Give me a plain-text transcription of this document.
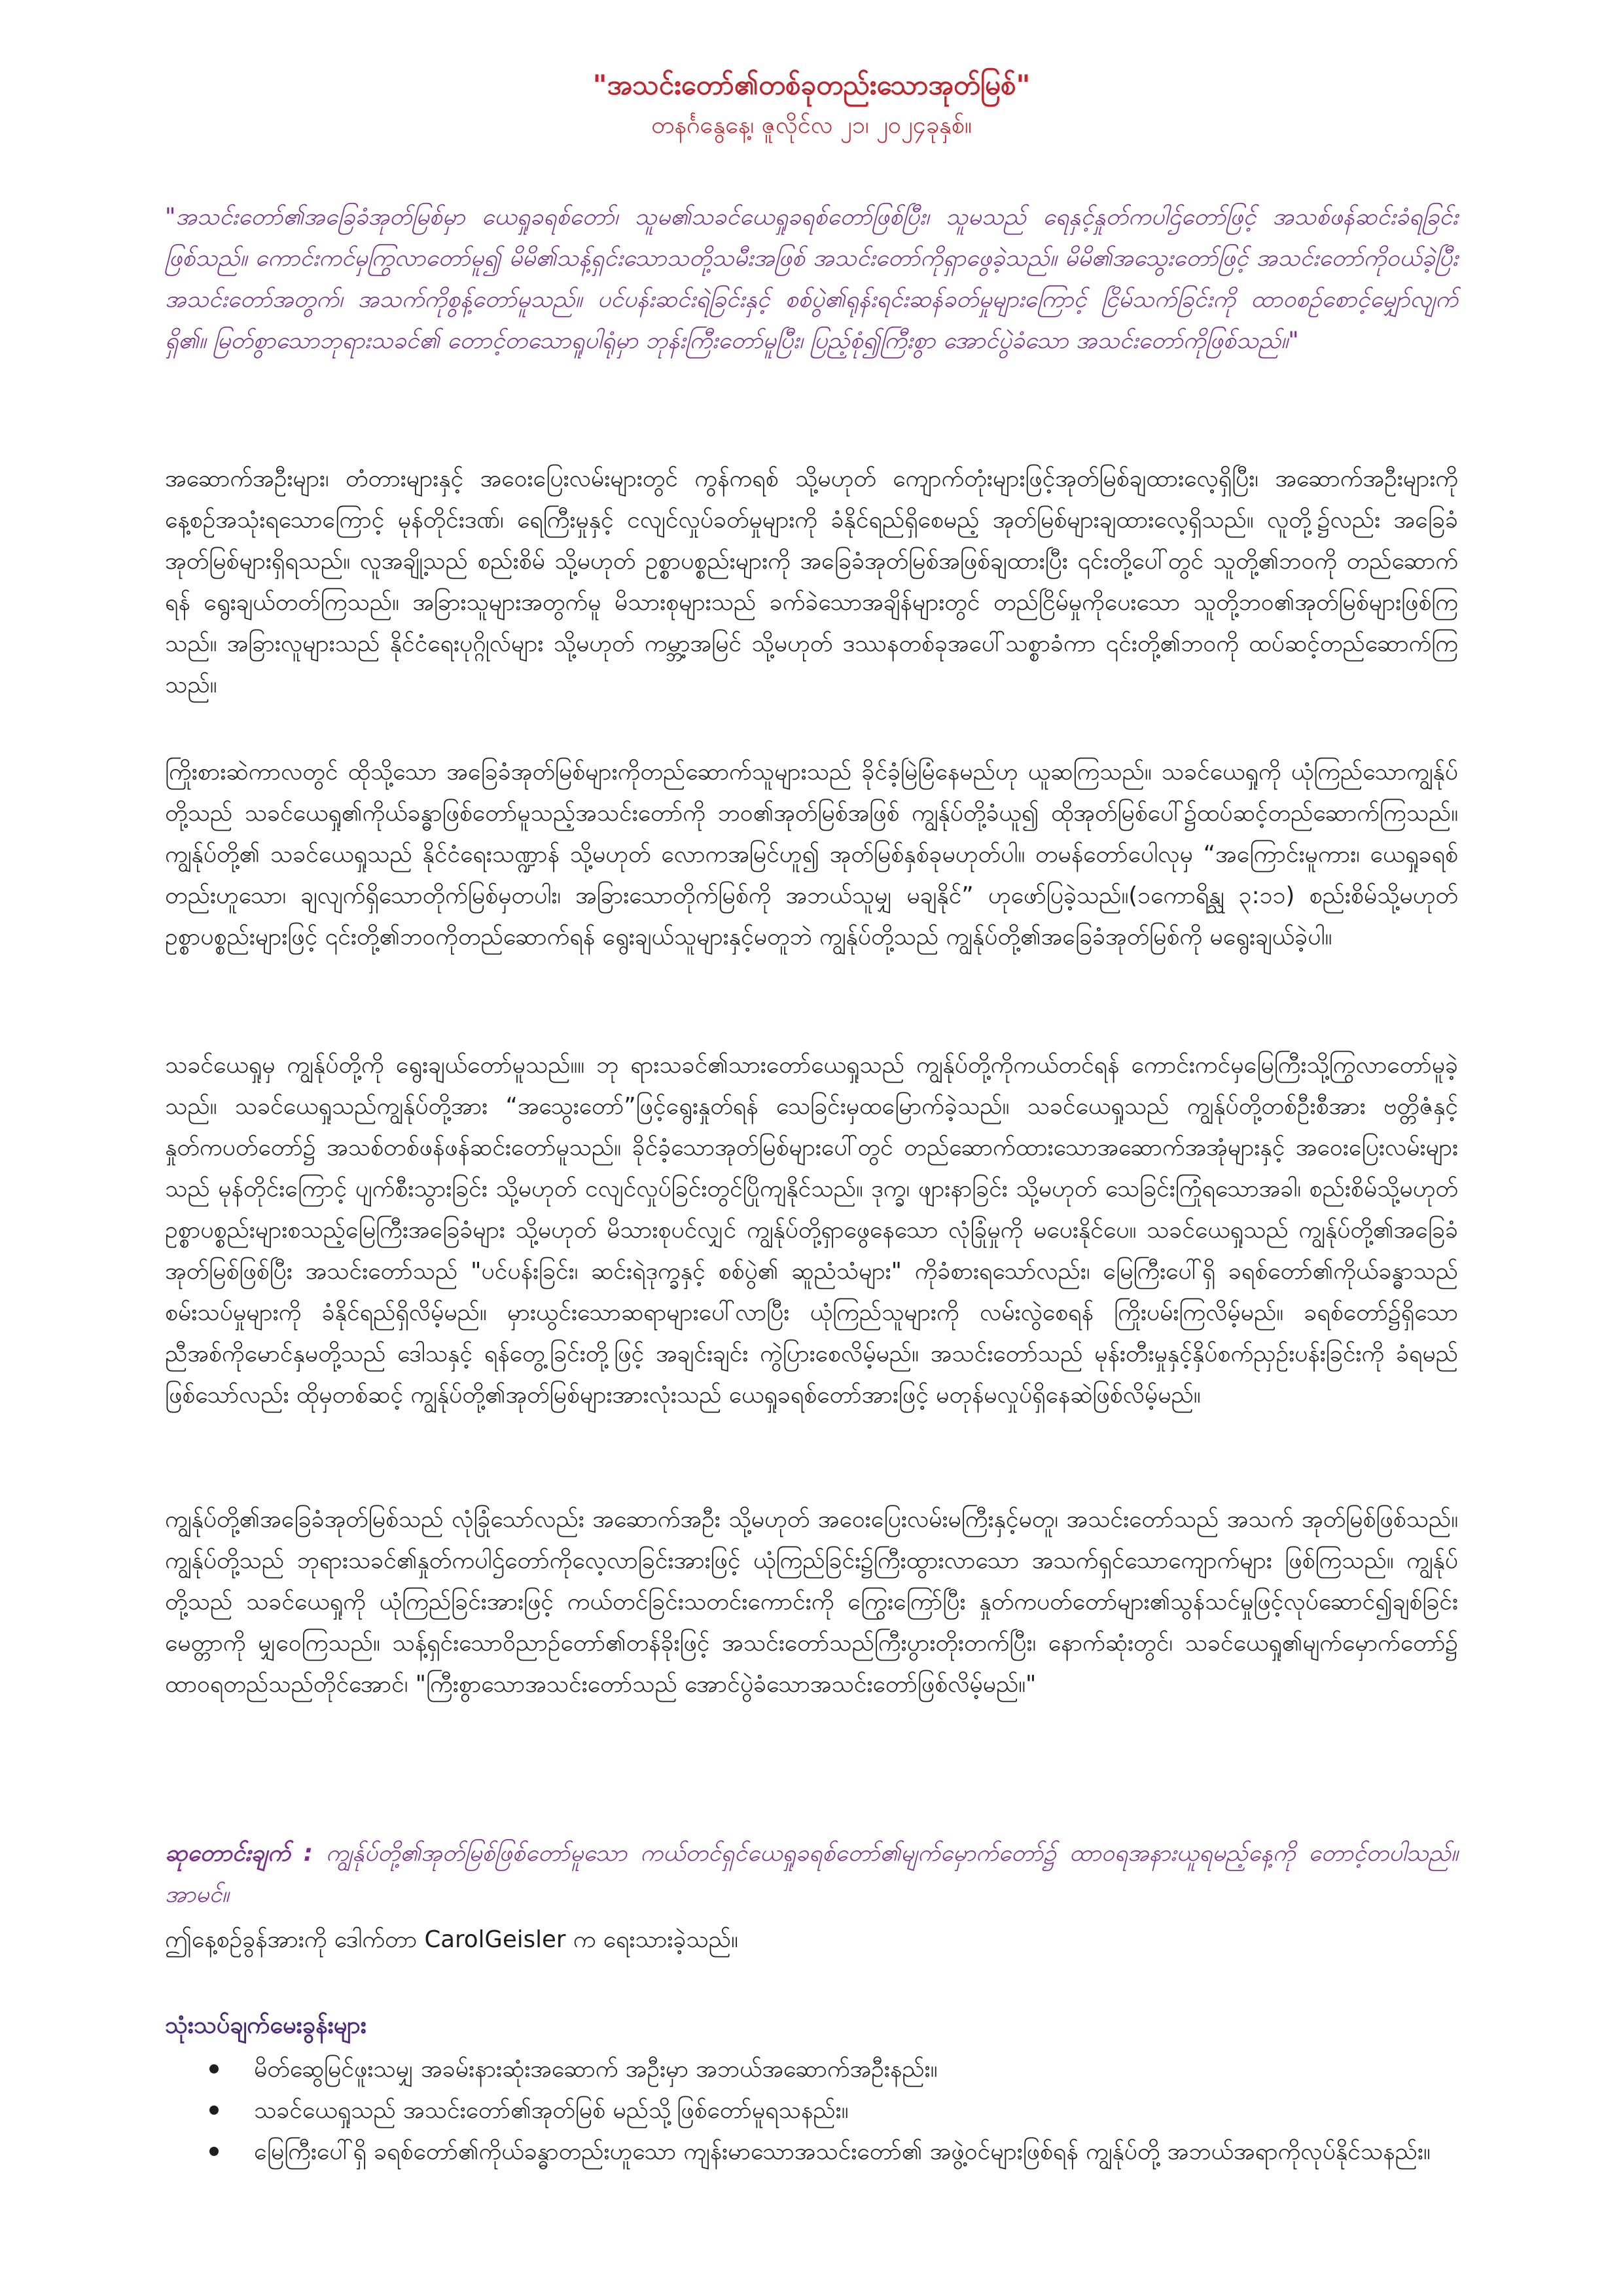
"အသင်းတော်၏တစ်ခုတည်းသောအုတ်မြစ်"

တနင်္ဂနွေနေ့၊ ဇူလိုင်လ ၂၁၊ ၂၀၂၄ခုနှစ်။

"အသင်းတော်၏အခြေခံအုတ်မြစ်မှာ ယေရှုခရစ်တော်၊ သူမ၏သခင်ယေရှုခရစ်တော်ဖြစ်ပြီး၊ သူမသည် ရေနှင့်နှုတ်ကပါဌ်တော်ဖြင့် အသစ်ဖန်ဆင်းခံရခြင်းဖြစ်သည်။ ကောင်းကင်မှကြွလာတော်မူ၍ မိမိ၏သန့်ရှင်းသောသတို့သမီးအဖြစ် အသင်းတော်ကိုရှာဖွေခဲ့သည်။ မိမိ၏အသွေးတော်ဖြင့် အသင်းတော်ကိုဝယ်ခဲ့ပြီး အသင်းတော်အတွက်၊ အသက်ကိုစွန့်တော်မူသည်။ ပင်ပန်းဆင်းရဲခြင်းနှင့် စစ်ပွဲ၏ရုန်းရင်းဆန်ခတ်မှုများကြောင့် ငြိမ်သက်ခြင်းကို ထာဝစဉ်စောင့်မျှော်လျက်ရှိ၏။ မြတ်စွာသောဘုရားသခင်၏ တောင့်တသောရူပါရုံမှာ ဘုန်းကြီးတော်မူပြီး၊ ပြည့်စုံ၍ကြီးစွာ အောင်ပွဲခံသော အသင်းတော်ကိုဖြစ်သည်။"

အဆောက်အဦးများ၊ တံတားများနှင့် အဝေးပြေးလမ်းများတွင် ကွန်ကရစ် သို့မဟုတ် ကျောက်တုံးများဖြင့်အုတ်မြစ်ချထားလေ့ရှိပြီး၊ အဆောက်အဦးများကို နေ့စဉ်အသုံးရသောကြောင့် မုန်တိုင်းဒဏ်၊ ရေကြီးမှုနှင့် ငလျင်လှုပ်ခတ်မှုများကို ခံနိုင်ရည်ရှိစေမည့် အုတ်မြစ်များချထားလေ့ရှိသည်။ လူတို့၌လည်း အခြေခံအုတ်မြစ်များရှိရသည်။ လူအချို့သည် စည်းစိမ် သို့မဟုတ် ဥစ္စာပစ္စည်းများကို အခြေခံအုတ်မြစ်အဖြစ်ချထားပြီး ၎င်းတို့ပေါ်တွင် သူတို့၏ဘဝကို တည်ဆောက်ရန် ရွေးချယ်တတ်ကြသည်။ အခြားသူများအတွက်မူ မိသားစုများသည် ခက်ခဲသောအချိန်များတွင် တည်ငြိမ်မှုကိုပေးသော သူတို့ဘဝ၏အုတ်မြစ်များဖြစ်ကြသည်။ အခြားလူများသည် နိုင်ငံရေးပုဂ္ဂိုလ်များ သို့မဟုတ် ကမ္ဘာ့အမြင် သို့မဟုတ် ဒဿနတစ်ခုအပေါ်သစ္စာခံကာ ၎င်းတို့၏ဘဝကို ထပ်ဆင့်တည်ဆောက်ကြသည်။

ကြိုးစားဆဲကာလတွင် ထိုသို့သော အခြေခံအုတ်မြစ်များကိုတည်ဆောက်သူများသည် ခိုင်ခံ့မြဲမြံနေမည်ဟု ယူဆကြသည်။ သခင်ယေရှုကို ယုံကြည်သောကျွန်ုပ်တို့သည် သခင်ယေရှု၏ကိုယ်ခန္ဓာဖြစ်တော်မူသည့်အသင်းတော်ကို ဘဝ၏အုတ်မြစ်အဖြစ် ကျွန်ုပ်တို့ခံယူ၍ ထိုအုတ်မြစ်ပေါ်၌ထပ်ဆင့်တည်ဆောက်ကြသည်။ ကျွန်ုပ်တို့၏ သခင်ယေရှုသည် နိုင်ငံရေးသဏ္ဍာန် သို့မဟုတ် လောကအမြင်ဟူ၍ အုတ်မြစ်နှစ်ခုမဟုတ်ပါ။ တမန်တော်ပေါလုမှ “အကြောင်းမူကား၊ ယေရှုခရစ်တည်းဟူသော၊ ချလျက်ရှိသောတိုက်မြစ်မှတပါး၊ အခြားသောတိုက်မြစ်ကို အဘယ်သူမျှ မချနိုင်” ဟုဖော်ပြခဲ့သည်။(၁ကောရိန္သု ၃:၁၁) စည်းစိမ်သို့မဟုတ် ဥစ္စာပစ္စည်းများဖြင့် ၎င်းတို့၏ဘဝကိုတည်ဆောက်ရန် ရွေးချယ်သူများနှင့်မတူဘဲ ကျွန်ုပ်တို့သည် ကျွန်ုပ်တို့၏အခြေခံအုတ်မြစ်ကို မရွေးချယ်ခဲ့ပါ။

သခင်ယေရှုမှ ကျွန်ုပ်တို့ကို ရွေးချယ်တော်မူသည်။။ ဘု ရားသခင်၏သားတော်ယေရှုသည် ကျွန်ုပ်တို့ကိုကယ်တင်ရန် ကောင်းကင်မှမြေကြီးသို့ကြွလာတော်မူခဲ့သည်။ သခင်ယေရှုသည်ကျွန်ုပ်တို့အား “အသွေးတော်”ဖြင့်ရွေးနှုတ်ရန် သေခြင်းမှထမြောက်ခဲ့သည်။ သခင်ယေရှုသည် ကျွန်ုပ်တို့တစ်ဦးစီအား ဗတ္တိဇံနှင့်နှုတ်ကပတ်တော်၌ အသစ်တစ်ဖန်ဖန်ဆင်းတော်မူသည်။ ခိုင်ခံ့သောအုတ်မြစ်များပေါ်တွင် တည်ဆောက်ထားသောအဆောက်အအုံများနှင့် အဝေးပြေးလမ်းများသည် မုန်တိုင်းကြောင့် ပျက်စီးသွားခြင်း သို့မဟုတ် ငလျင်လှုပ်ခြင်းတွင်ပြိုကျနိုင်သည်။ ဒုက္ခ၊ ဖျားနာခြင်း သို့မဟုတ် သေခြင်းကြုံရသောအခါ၊ စည်းစိမ်သို့မဟုတ် ဥစ္စာပစ္စည်းများစသည့်မြေကြီးအခြေခံများ သို့မဟုတ် မိသားစုပင်လျှင် ကျွန်ုပ်တို့ရှာဖွေနေသော လုံခြုံမှုကို မပေးနိုင်ပေ။ သခင်ယေရှုသည် ကျွန်ုပ်တို့၏အခြေခံအုတ်မြစ်ဖြစ်ပြီး အသင်းတော်သည် "ပင်ပန်းခြင်း၊ ဆင်းရဲဒုက္ခနှင့် စစ်ပွဲ၏ ဆူညံသံများ" ကိုခံစားရသော်လည်း၊ မြေကြီးပေါ်ရှိ ခရစ်တော်၏ကိုယ်ခန္ဓာသည် စမ်းသပ်မှုများကို ခံနိုင်ရည်ရှိလိမ့်မည်။ မှားယွင်းသောဆရာများပေါ်လာပြီး ယုံကြည်သူများကို လမ်းလွဲစေရန် ကြိုးပမ်းကြလိမ့်မည်။ ခရစ်တော်၌ရှိသော ညီအစ်ကိုမောင်နှမတို့သည် ဒေါသနှင့် ရန်တွေ့ခြင်းတို့ဖြင့် အချင်းချင်း ကွဲပြားစေလိမ့်မည်။ အသင်းတော်သည် မုန်းတီးမှုနှင့်နှိပ်စက်ညှဉ်းပန်းခြင်းကို ခံရမည်ဖြစ်သော်လည်း ထိုမှတစ်ဆင့် ကျွန်ုပ်တို့၏အုတ်မြစ်များအားလုံးသည် ယေရှုခရစ်တော်အားဖြင့် မတုန်မလှုပ်ရှိနေဆဲဖြစ်လိမ့်မည်။

ကျွန်ုပ်တို့၏အခြေခံအုတ်မြစ်သည် လုံခြုံသော်လည်း အဆောက်အဦး သို့မဟုတ် အဝေးပြေးလမ်းမကြီးနှင့်မတူ၊ အသင်းတော်သည် အသက် အုတ်မြစ်ဖြစ်သည်။ ကျွန်ုပ်တို့သည် ဘုရားသခင်၏နှုတ်ကပါဌ်တော်ကိုလေ့လာခြင်းအားဖြင့် ယုံကြည်ခြင်း၌ကြီးထွားလာသော အသက်ရှင်သောကျောက်များ ဖြစ်ကြသည်။ ကျွန်ုပ်တို့သည် သခင်ယေရှုကို ယုံကြည်ခြင်းအားဖြင့် ကယ်တင်ခြင်းသတင်းကောင်းကို ကြွေးကြော်ပြီး နှုတ်ကပတ်တော်များ၏သွန်သင်မှုဖြင့်လုပ်ဆောင်၍ချစ်ခြင်းမေတ္တာကို မျှဝေကြသည်။ သန့်ရှင်းသောဝိညာဉ်တော်၏တန်ခိုးဖြင့် အသင်းတော်သည်ကြီးပွားတိုးတက်ပြီး၊ နောက်ဆုံးတွင်၊ သခင်ယေရှု၏မျက်မှောက်တော်၌ ထာဝရတည်သည်တိုင်အောင်၊ "ကြီးစွာသောအသင်းတော်သည် အောင်ပွဲခံသောအသင်းတော်ဖြစ်လိမ့်မည်။"

ဆုတောင်းချက် : ကျွန်ုပ်တို့၏အုတ်မြစ်ဖြစ်တော်မူသော ကယ်တင်ရှင်ယေရှုခရစ်တော်၏မျက်မှောက်တော်၌ ထာဝရအနားယူရမည့်နေ့ကို တောင့်တပါသည်။ အာမင်။

ဤနေ့စဉ်ခွန်အားကို ဒေါက်တာ CarolGeisler က ရေးသားခဲ့သည်။

သုံးသပ်ချက်မေးခွန်းများ
မိတ်ဆွေမြင်ဖူးသမျှ အခမ်းနားဆုံးအဆောက် အဦးမှာ အဘယ်အဆောက်အဦးနည်း။
သခင်ယေရှုသည် အသင်းတော်၏အုတ်မြစ် မည်သို့ဖြစ်တော်မူရသနည်း။
မြေကြီးပေါ်ရှိ ခရစ်တော်၏ကိုယ်ခန္ဓာတည်းဟူသော ကျန်းမာသောအသင်းတော်၏ အဖွဲ့ဝင်များဖြစ်ရန် ကျွန်ုပ်တို့ အဘယ်အရာကိုလုပ်နိုင်သနည်း။
